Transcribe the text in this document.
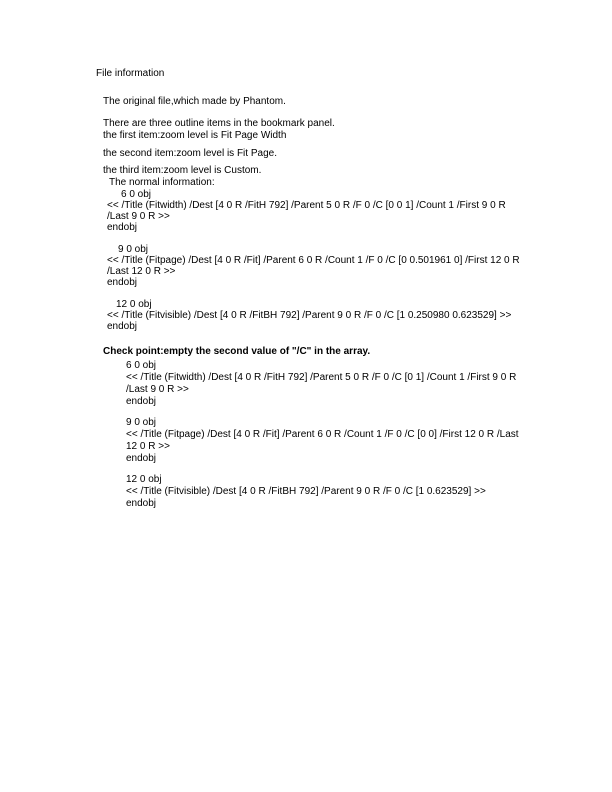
File information

The original file,which made by Phantom.

There are three outline items in the bookmark panel.

the first item:zoom level is Fit Page Width

the second item:zoom level is Fit Page.

the third item:zoom level is Custom.

The normal information:

6 0 obj

<< /Title (Fitwidth) /Dest [4 0 R /FitH 792] /Parent 5 0 R /F 0 /C [0 0 1] /Count 1 /First 9 0 R

/Last 9 0 R >>

endobj

9 0 obj

<< /Title (Fitpage) /Dest [4 0 R /Fit] /Parent 6 0 R /Count 1 /F 0 /C [0 0.501961 0] /First 12 0 R

/Last 12 0 R >>

endobj

12 0 obj

<< /Title (Fitvisible) /Dest [4 0 R /FitBH 792] /Parent 9 0 R /F 0 /C [1 0.250980 0.623529] >>

endobj

Check point:empty the second value of "/C" in the array.

6 0 obj

<< /Title (Fitwidth) /Dest [4 0 R /FitH 792] /Parent 5 0 R /F 0 /C [0 1] /Count 1 /First 9 0 R

/Last 9 0 R >>

endobj

9 0 obj

<< /Title (Fitpage) /Dest [4 0 R /Fit] /Parent 6 0 R /Count 1 /F 0 /C [0 0] /First 12 0 R /Last

12 0 R >>

endobj

12 0 obj

<< /Title (Fitvisible) /Dest [4 0 R /FitBH 792] /Parent 9 0 R /F 0 /C [1 0.623529] >>

endobj
